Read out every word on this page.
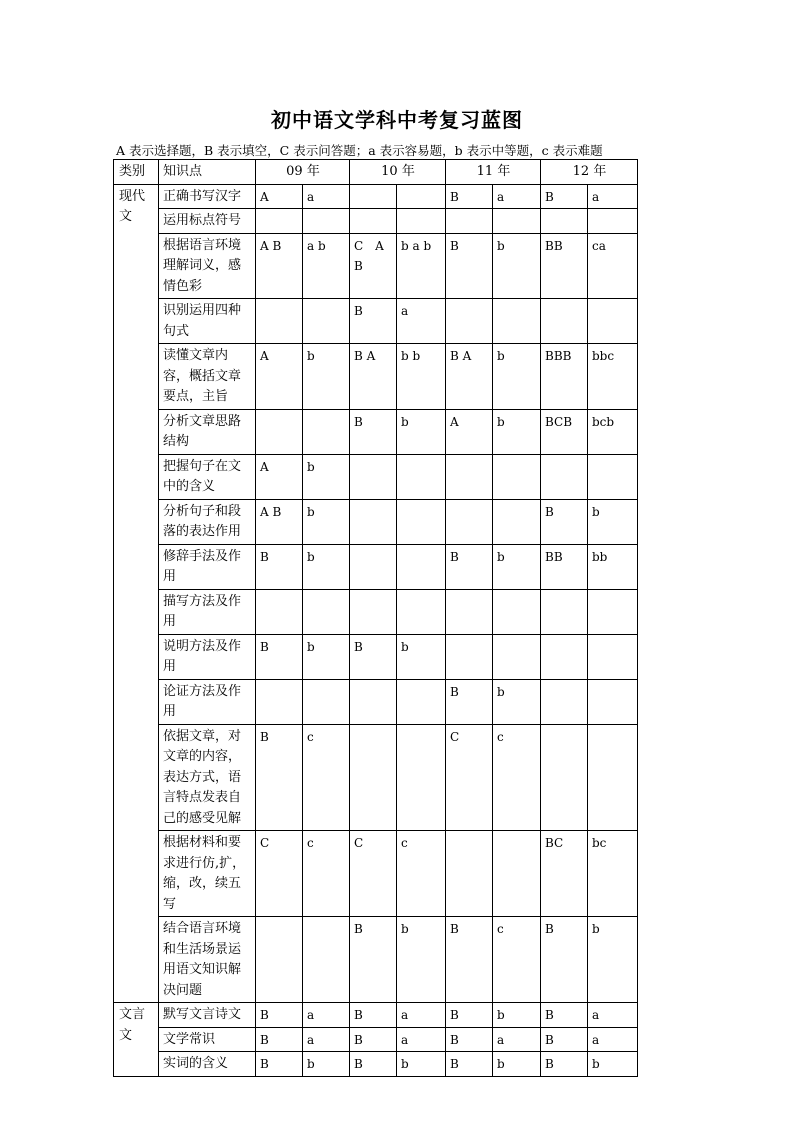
初中语文学科中考复习蓝图
A 表示选择题，B 表示填空，C 表示问答题；a 表示容易题，b 表示中等题，c 表示难题
类别	知识点	09 年		10 年		11 年		12 年	
现代文	正确书写汉字	A	a			B	a	B	a
	运用标点符号								
	根据语言环境理解词义，感情色彩	A B	a b	C　A B	b a b	B	b	BB	ca
	识别运用四种句式			B	a				
	读懂文章内容，概括文章要点，主旨	A	b	B A	b b	B A	b	BBB	bbc
	分析文章思路结构			B	b	A	b	BCB	bcb
	把握句子在文中的含义	A	b						
	分析句子和段落的表达作用	A B	b					B	b
	修辞手法及作用	B	b			B	b	BB	bb
	描写方法及作用								
	说明方法及作用	B	b	B	b				
	论证方法及作用					B	b		
	依据文章，对文章的内容，表达方式，语言特点发表自己的感受见解	B	c			C	c		
	根据材料和要求进行仿,扩，缩，改，续五写	C	c	C	c			BC	bc
	结合语言环境和生活场景运用语文知识解决问题			B	b	B	c	B	b
文言文	默写文言诗文	B	a	B	a	B	b	B	a
	文学常识	B	a	B	a	B	a	B	a
	实词的含义	B	b	B	b	B	b	B	b
